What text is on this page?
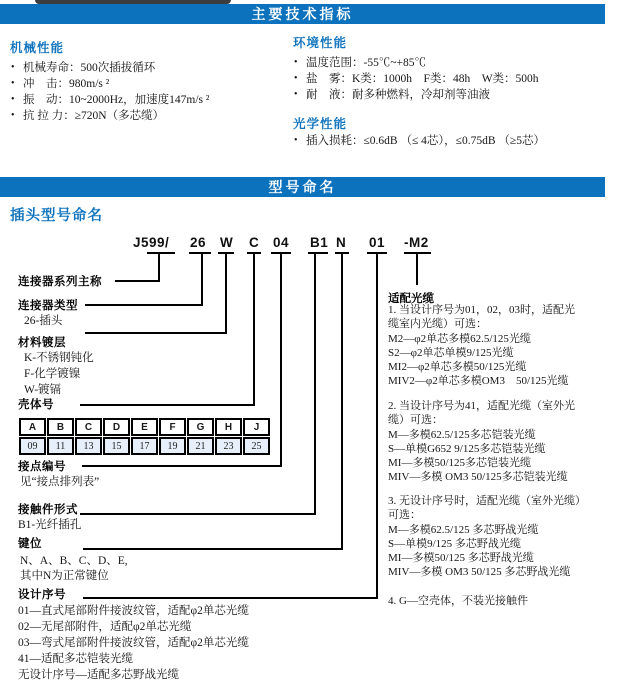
主要技术指标
机械性能
• 机械寿命：500次插拔循环
• 冲　击：980m/s ²
• 振　动：10~2000Hz，加速度147m/s ²
• 抗 拉 力：≥720N（多芯缆）
环境性能
• 温度范围：-55℃~+85℃
• 盐　雾：K类：1000h　F类：48h　W类：500h
• 耐　液：耐多种燃料，冷却剂等油液
光学性能
• 插入损耗：≤0.6dB （≤ 4芯），≤0.75dB （≥5芯）
型号命名
插头型号命名
J599/ 26 W C 04 B1 N 01 -M2
连接器系列主称
连接器类型
26-插头
材料镀层
K-不锈钢钝化
F-化学镀镍
W-镀镉
壳体号
A	B	C	D	E	F	G	H	J
09	11	13	15	17	19	21	23	25
接点编号
见“接点排列表”
接触件形式
B1-光纤插孔
键位
N、A、B、C、D、E,
其中N为正常键位
设计序号
01—直式尾部附件接波纹管，适配φ2单芯光缆
02—无尾部附件，适配φ2单芯光缆
03—弯式尾部附件接波纹管，适配φ2单芯光缆
41—适配多芯铠装光缆
无设计序号—适配多芯野战光缆
适配光缆
1. 当设计序号为01，02，03时，适配光
缆室内光缆）可选：
M2—φ2单芯多模62.5/125光缆
S2—φ2单芯单模9/125光缆
MI2—φ2单芯多模50/125光缆
MIV2—φ2单芯多模OM3　50/125光缆
2. 当设计序号为41，适配光缆（室外光
缆）可选：
M—多模62.5/125多芯铠装光缆
S—单模G652 9/125多芯铠装光缆
MI—多模50/125多芯铠装光缆
MIV—多模 OM3 50/125多芯铠装光缆
3. 无设计序号时，适配光缆（室外光缆）
可选：
M—多模62.5/125 多芯野战光缆
S—单模9/125 多芯野战光缆
MI—多模50/125 多芯野战光缆
MIV—多模 OM3 50/125 多芯野战光缆
4. G—空壳体，不装光接触件
